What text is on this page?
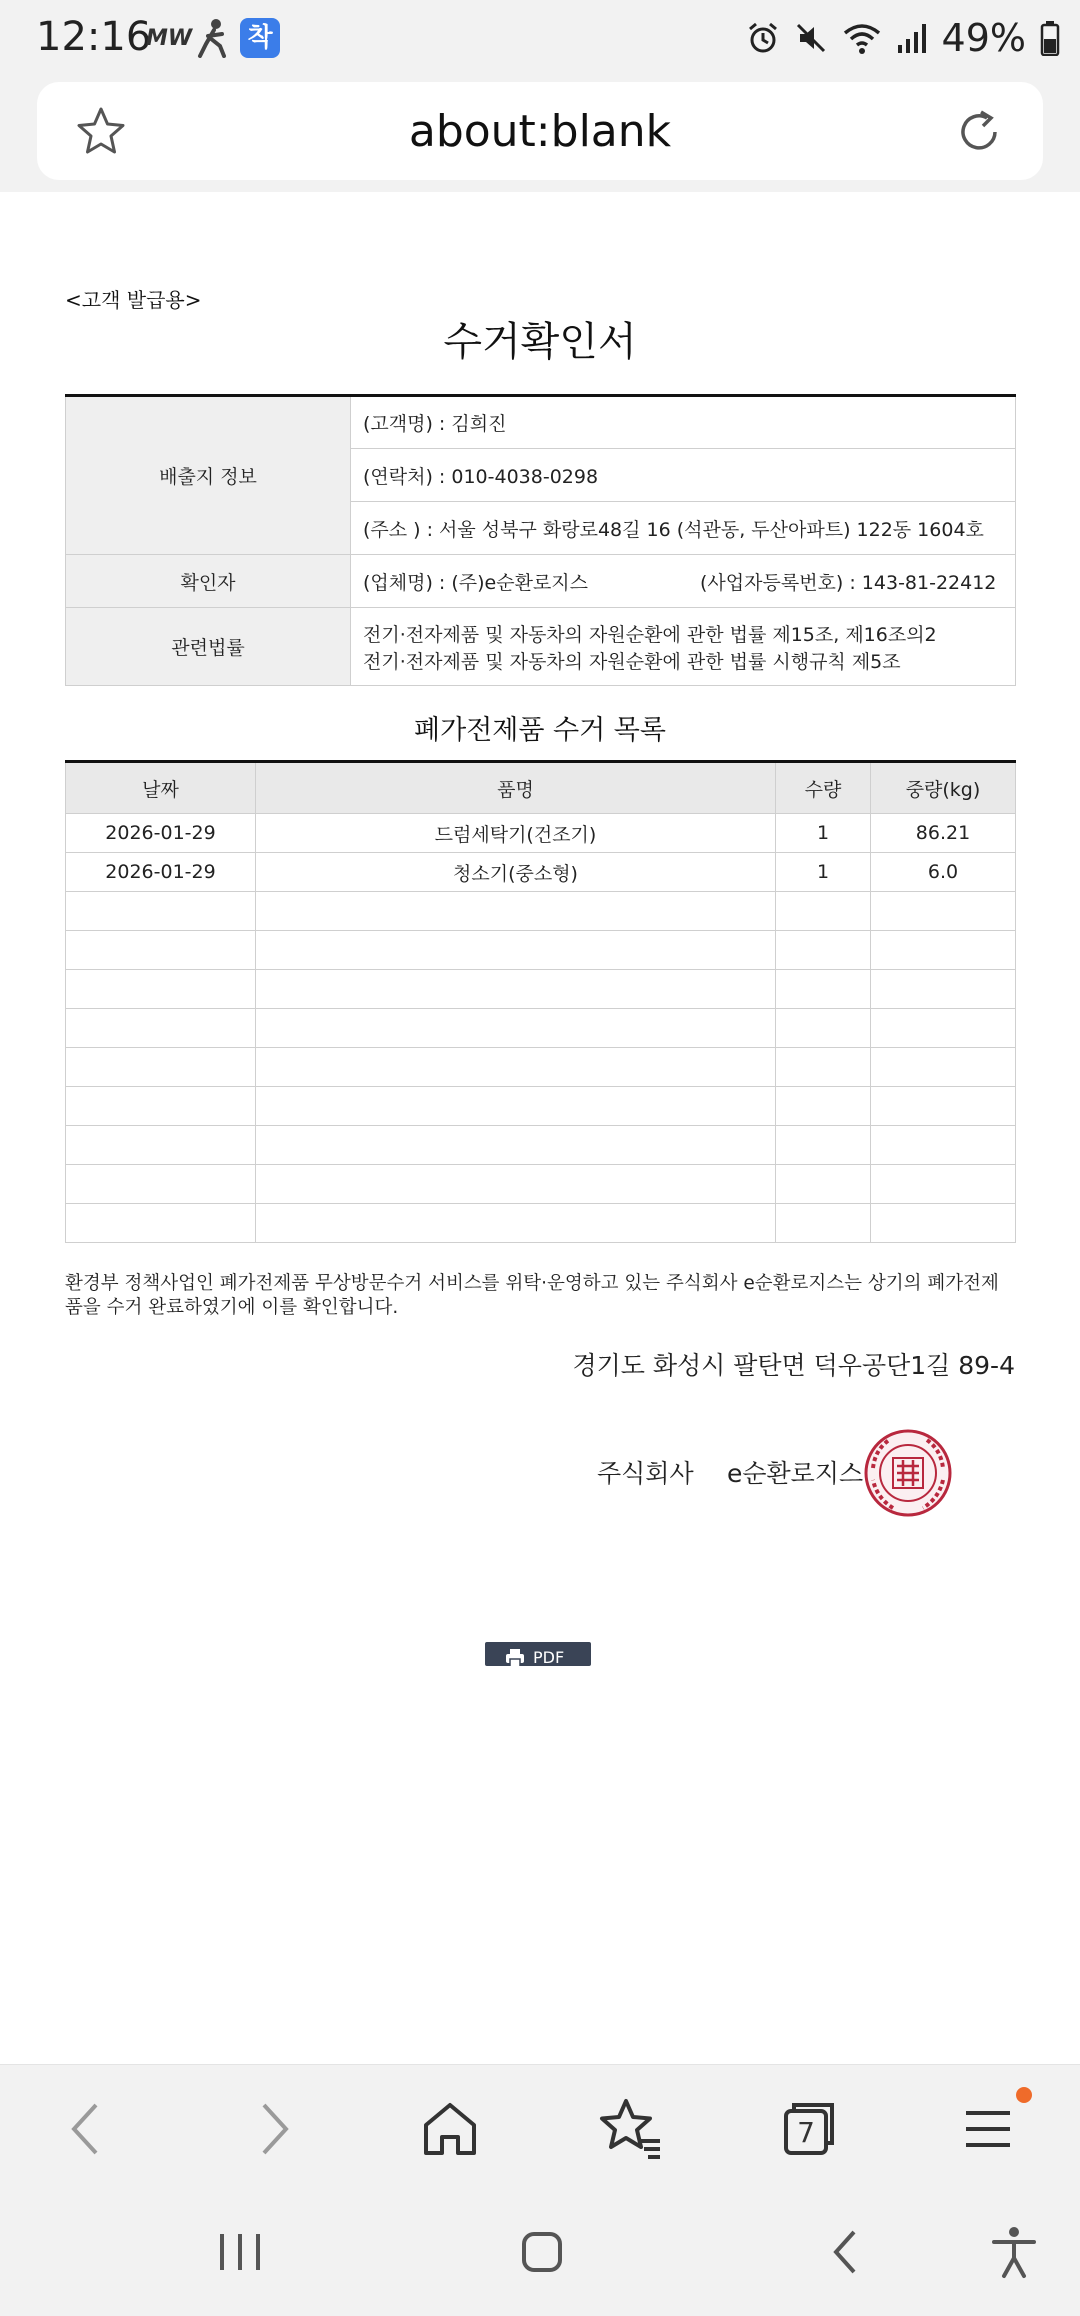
12:16
MW 착	49%
about:blank
<고객 발급용>
수거확인서
배출지 정보	(고객명) : 김희진
	(연락처) : 010-4038-0298
	(주소 ) : 서울 성북구 화랑로48길 16 (석관동, 두산아파트) 122동 1604호
확인자	(업체명) : (주)e순환로지스 (사업자등록번호) : 143-81-22412
관련법률	전기·전자제품 및 자동차의 자원순환에 관한 법률 제15조, 제16조의2
전기·전자제품 및 자동차의 자원순환에 관한 법률 시행규칙 제5조
폐가전제품 수거 목록
날짜	품명	수량	중량(kg)
2026-01-29	드럼세탁기(건조기)	1	86.21
2026-01-29	청소기(중소형)	1	6.0

환경부 정책사업인 폐가전제품 무상방문수거 서비스를 위탁·운영하고 있는 주식회사 e순환로지스는 상기의 폐가전제품을 수거 완료하였기에 이를 확인합니다.
경기도 화성시 팔탄면 덕우공단1길 89-4
주식회사 e순환로지스
PDF
7
